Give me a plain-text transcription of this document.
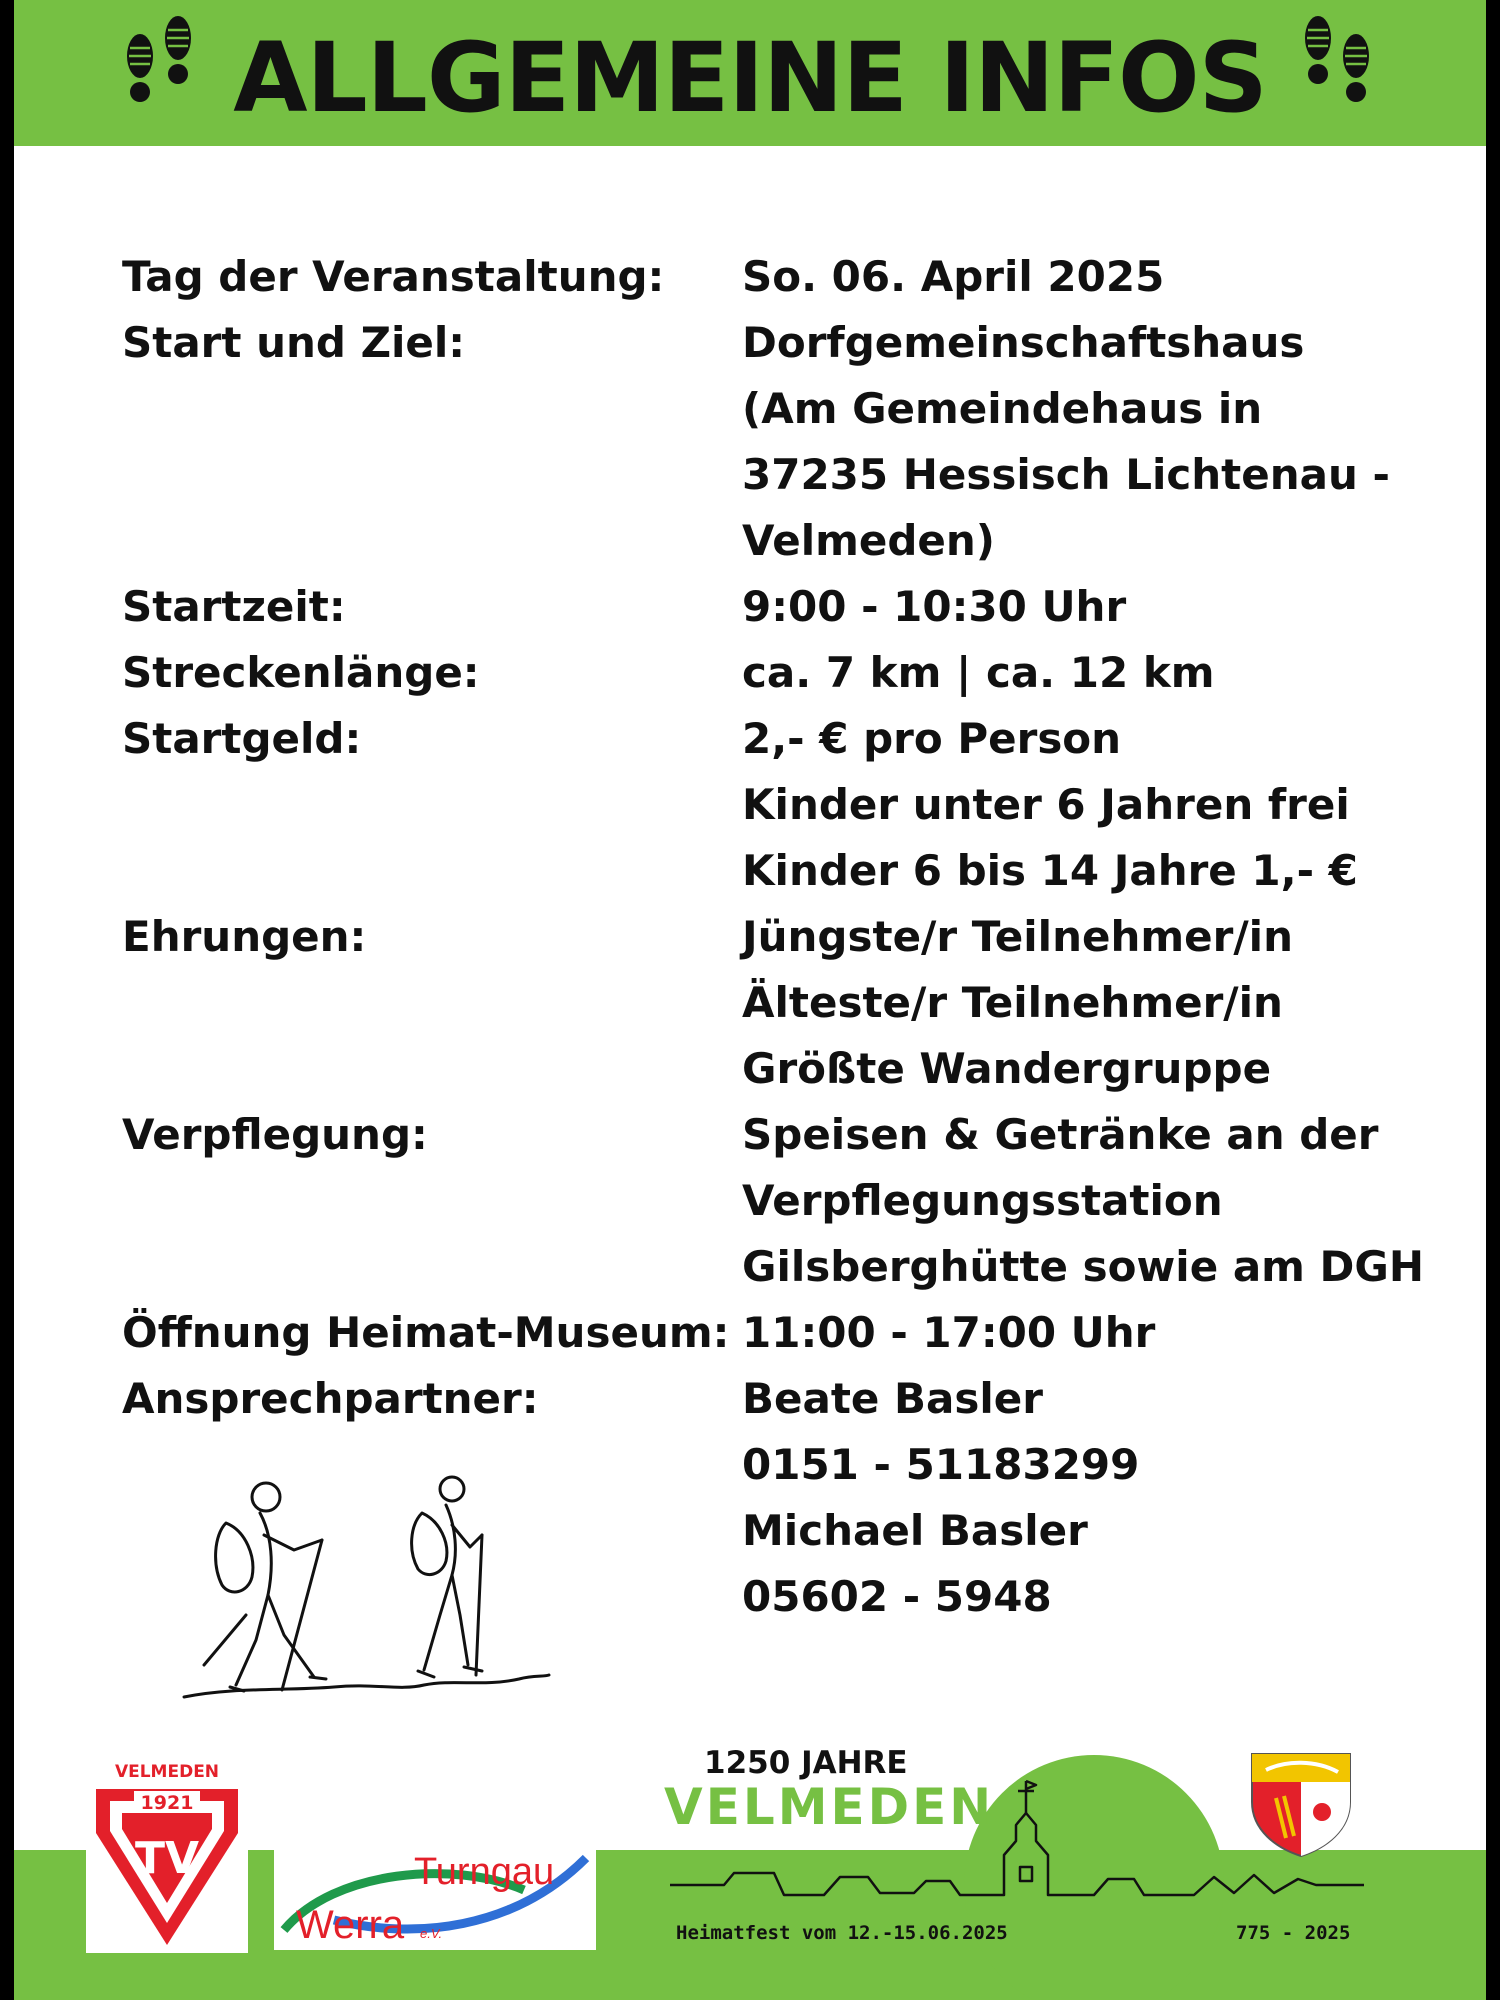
ALLGEMEINE INFOS
Tag der Veranstaltung:	So. 06. April 2025
Start und Ziel:	Dorfgemeinschaftshaus
(Am Gemeindehaus in
37235 Hessisch Lichtenau -
Velmeden)
Startzeit:	9:00 - 10:30 Uhr
Streckenlänge:	ca. 7 km | ca. 12 km
Startgeld:	2,- € pro Person
Kinder unter 6 Jahren frei
Kinder 6 bis 14 Jahre 1,- €
Ehrungen:	Jüngste/r Teilnehmer/in
Älteste/r Teilnehmer/in
Größte Wandergruppe
Verpflegung:	Speisen & Getränke an der
Verpflegungsstation
Gilsberghütte sowie am DGH
Öffnung Heimat-Museum: 11:00 - 17:00 Uhr
Ansprechpartner:	Beate Basler
0151 - 51183299
Michael Basler
05602 - 5948
VELMEDEN
1921
TV	Turngau
Werra e.V.
1250 JAHRE
VELMEDEN
Heimatfest vom 12.-15.06.2025	775 - 2025
